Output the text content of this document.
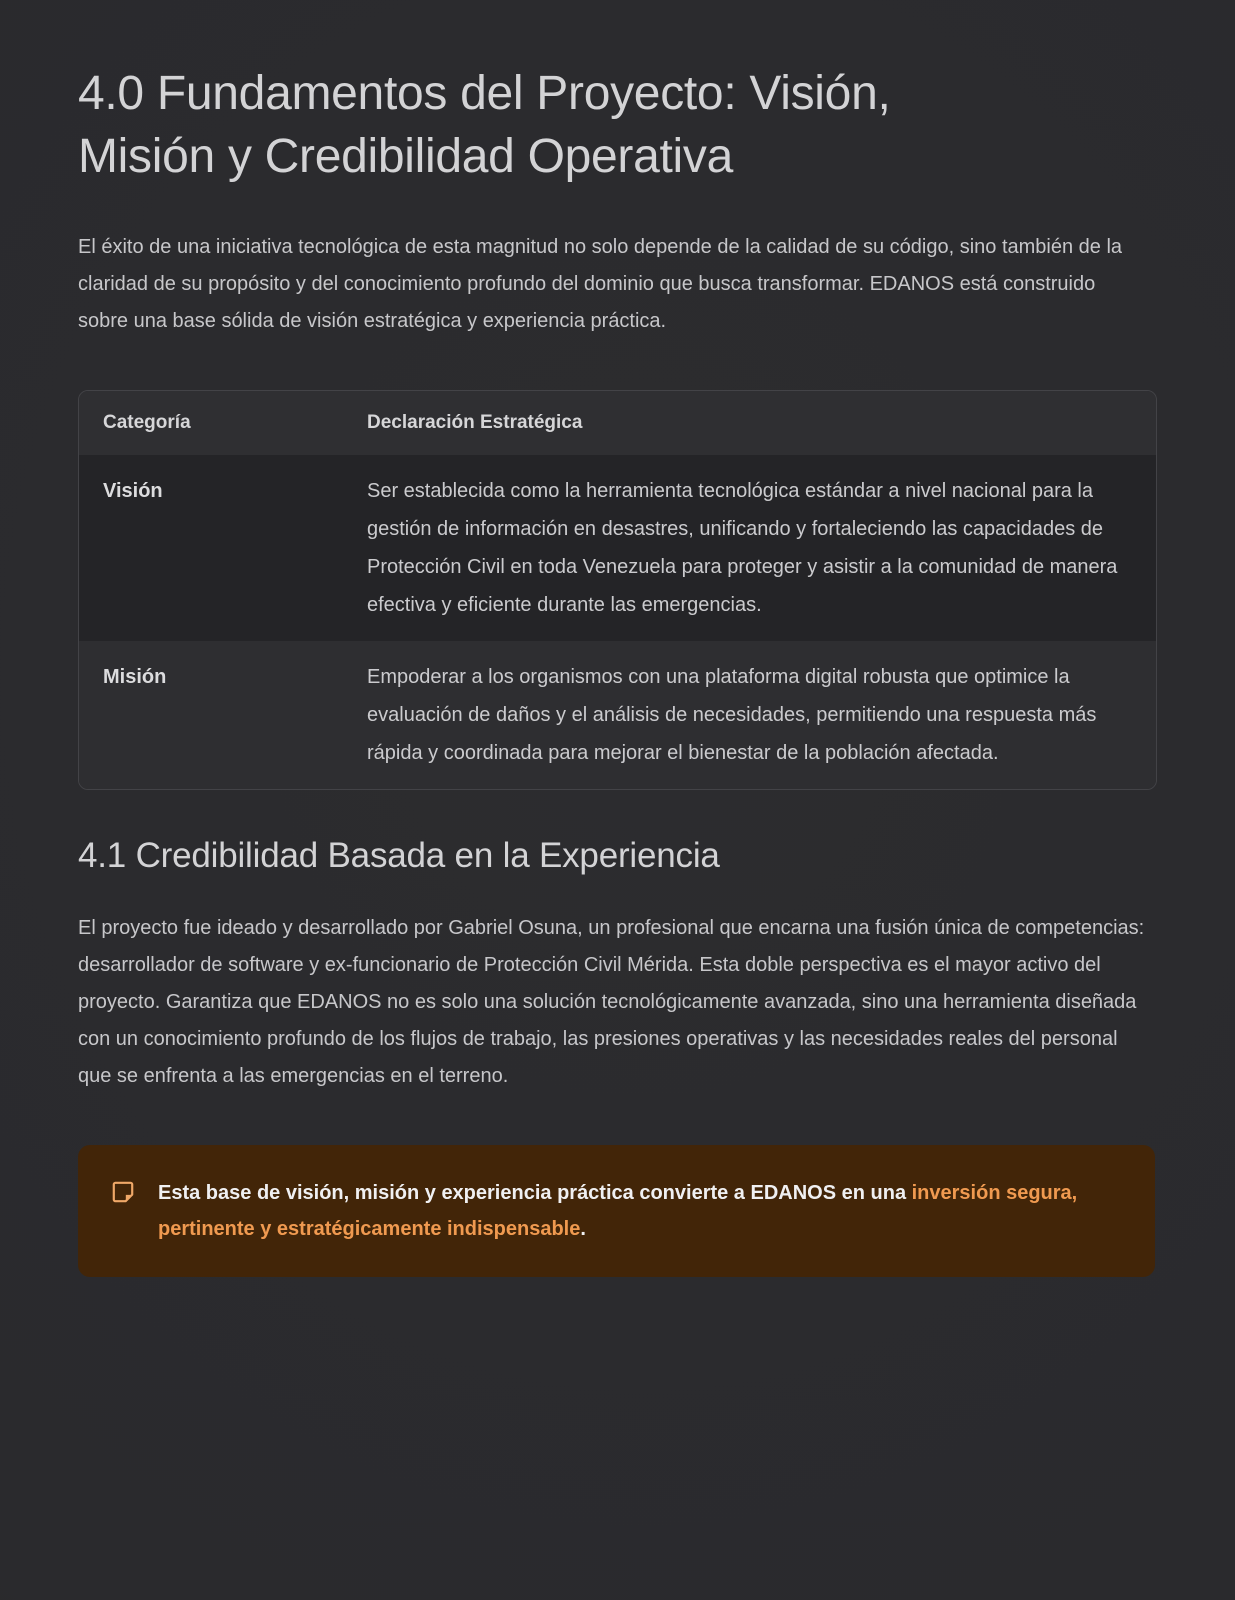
4.0 Fundamentos del Proyecto: Visión,
Misión y Credibilidad Operativa

El éxito de una iniciativa tecnológica de esta magnitud no solo depende de la calidad de su código, sino también de la claridad de su propósito y del conocimiento profundo del dominio que busca transformar. EDANOS está construido sobre una base sólida de visión estratégica y experiencia práctica.

Categoría	Declaración Estratégica
Visión	Ser establecida como la herramienta tecnológica estándar a nivel nacional para la gestión de información en desastres, unificando y fortaleciendo las capacidades de Protección Civil en toda Venezuela para proteger y asistir a la comunidad de manera efectiva y eficiente durante las emergencias.
Misión	Empoderar a los organismos con una plataforma digital robusta que optimice la evaluación de daños y el análisis de necesidades, permitiendo una respuesta más rápida y coordinada para mejorar el bienestar de la población afectada.
4.1 Credibilidad Basada en la Experiencia

El proyecto fue ideado y desarrollado por Gabriel Osuna, un profesional que encarna una fusión única de competencias: desarrollador de software y ex-funcionario de Protección Civil Mérida. Esta doble perspectiva es el mayor activo del proyecto. Garantiza que EDANOS no es solo una solución tecnológicamente avanzada, sino una herramienta diseñada con un conocimiento profundo de los flujos de trabajo, las presiones operativas y las necesidades reales del personal que se enfrenta a las emergencias en el terreno.

Esta base de visión, misión y experiencia práctica convierte a EDANOS en una inversión segura, pertinente y estratégicamente indispensable.
